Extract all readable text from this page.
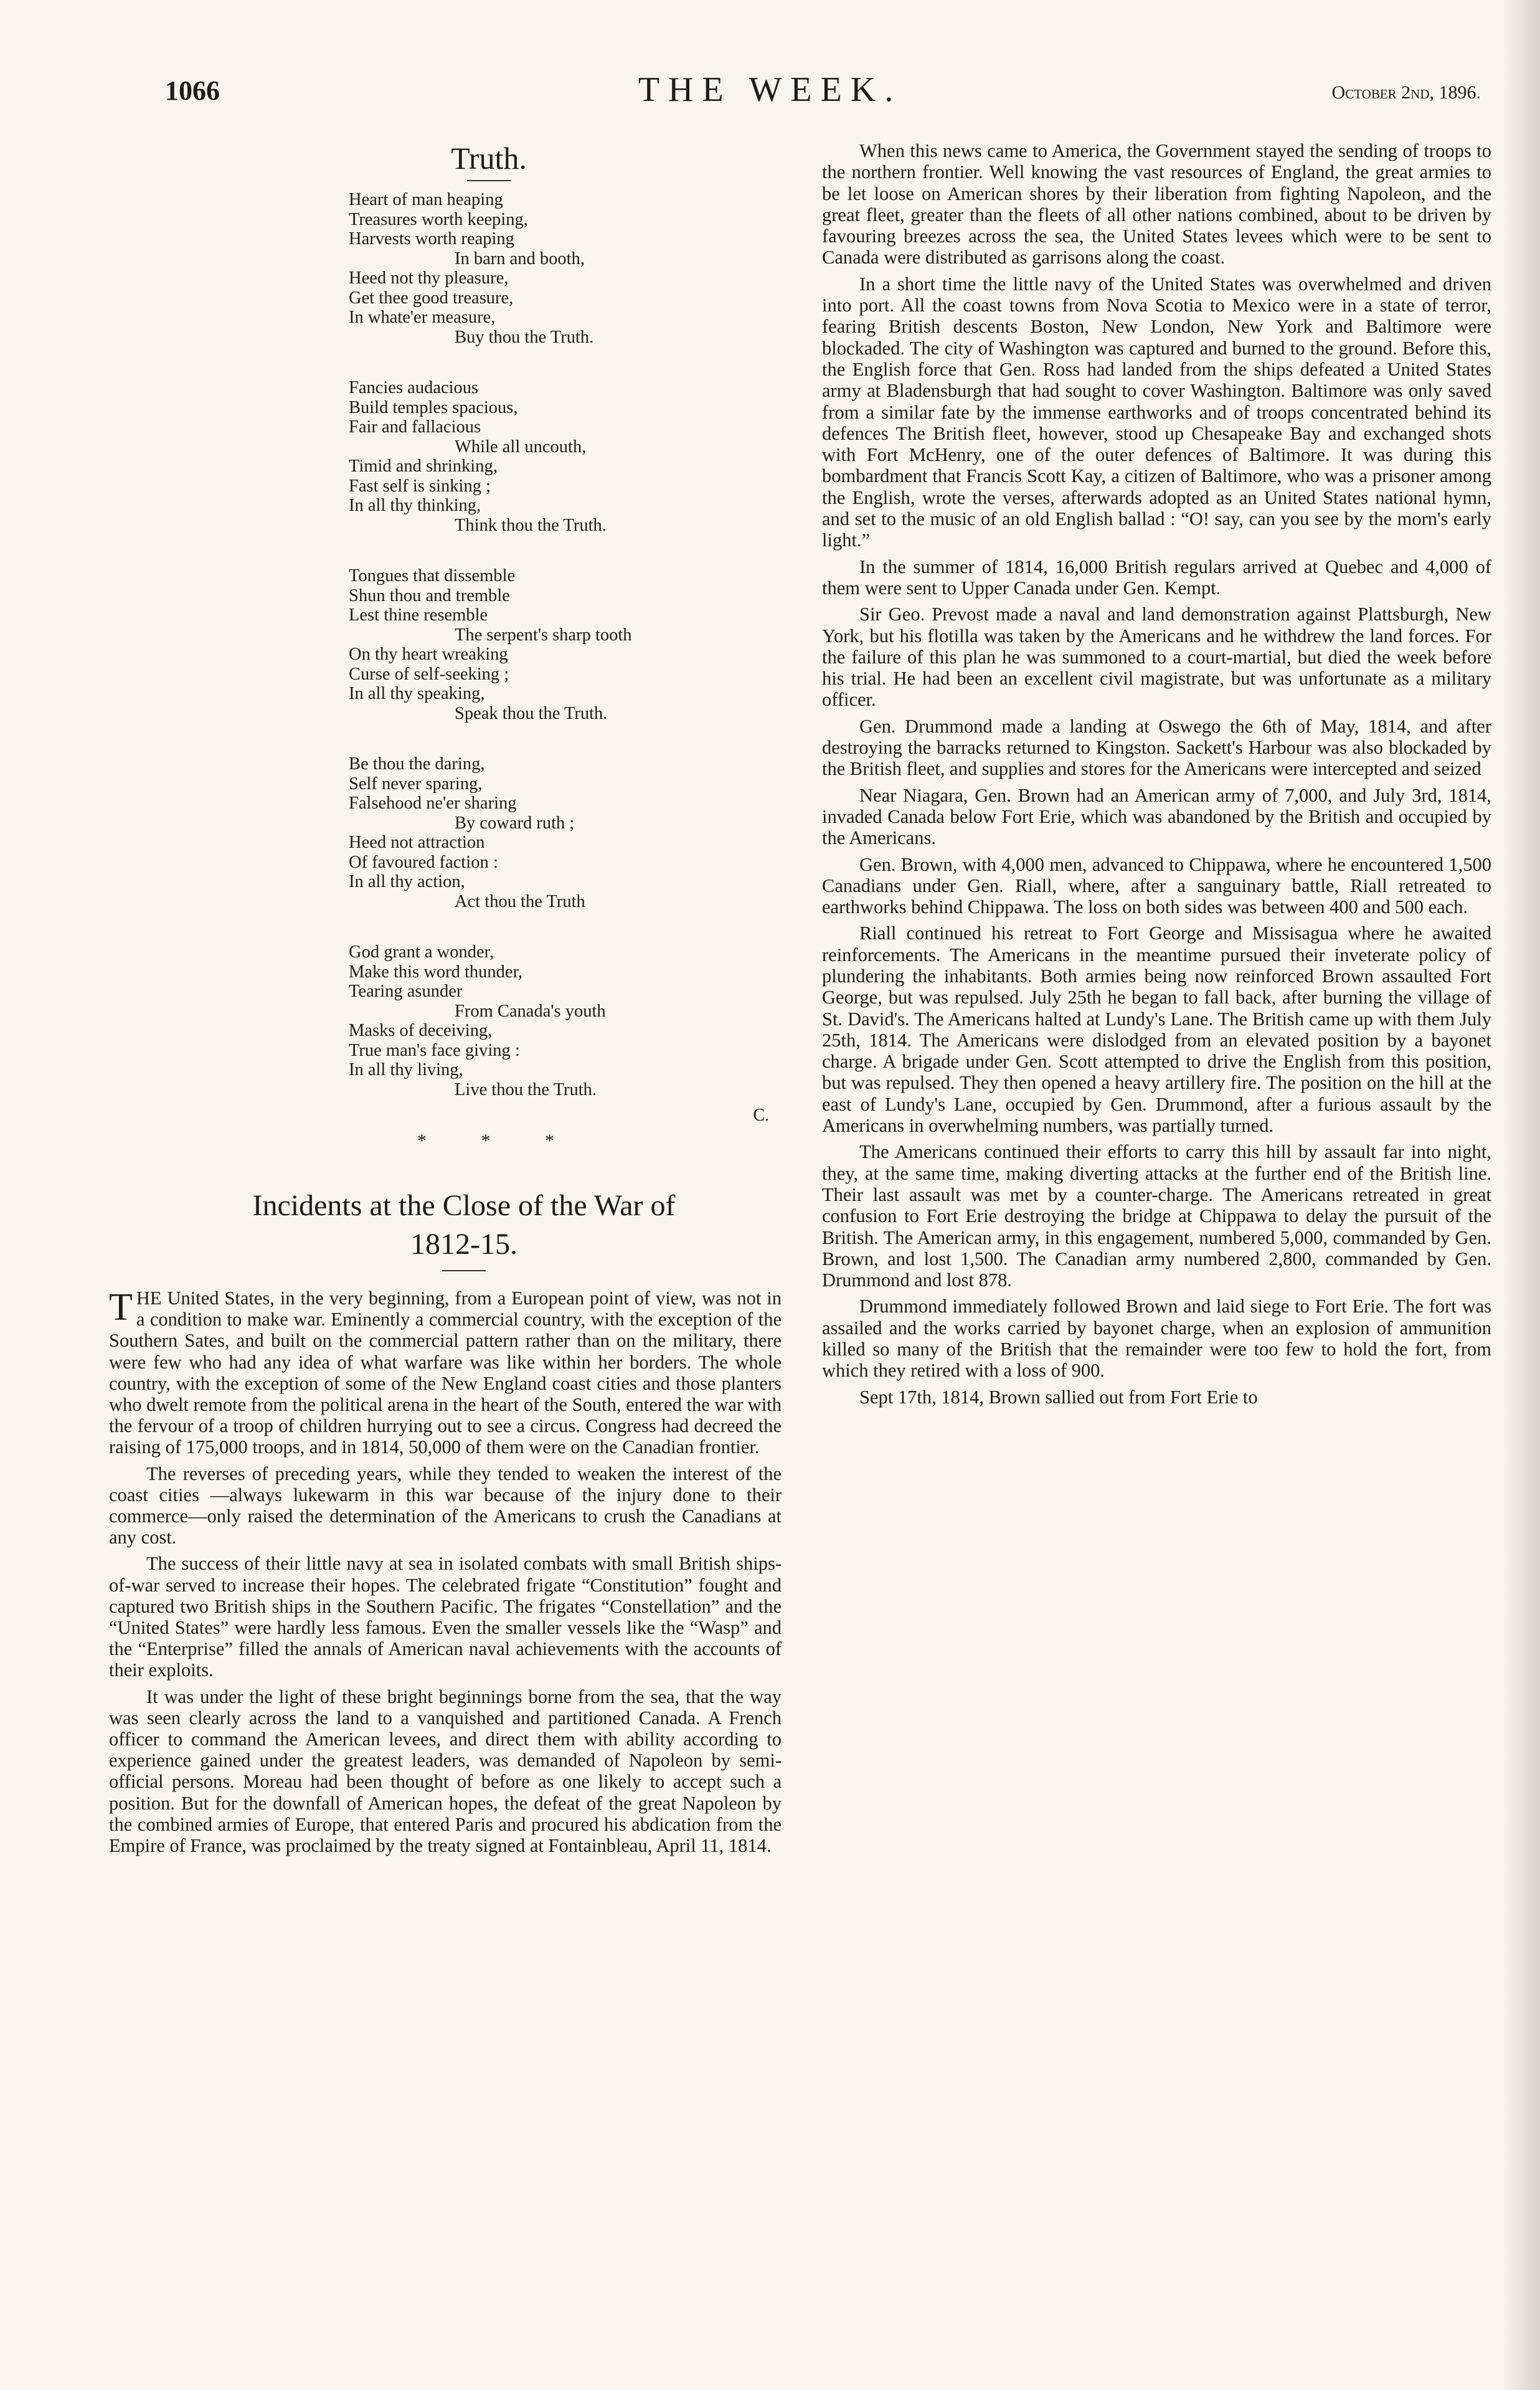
1066	THE WEEK.	October 2nd, 1896.
Truth.
Heart of man heaping
Treasures worth keeping,
Harvests worth reaping
In barn and booth,
Heed not thy pleasure,
Get thee good treasure,
In whate'er measure,
Buy thou the Truth.
Fancies audacious
Build temples spacious,
Fair and fallacious
While all uncouth,
Timid and shrinking,
Fast self is sinking ;
In all thy thinking,
Think thou the Truth.
Tongues that dissemble
Shun thou and tremble
Lest thine resemble
The serpent's sharp tooth
On thy heart wreaking
Curse of self-seeking ;
In all thy speaking,
Speak thou the Truth.
Be thou the daring,
Self never sparing,
Falsehood ne'er sharing
By coward ruth ;
Heed not attraction
Of favoured faction :
In all thy action,
Act thou the Truth
God grant a wonder,
Make this word thunder,
Tearing asunder
From Canada's youth
Masks of deceiving,
True man's face giving :
In all thy living,
Live thou the Truth.
C.
* * *
Incidents at the Close of the War of
1812-15.

THE United States, in the very beginning, from a European point of view, was not in a condition to make war. Eminently a commercial country, with the exception of the Southern Sates, and built on the commercial pattern rather than on the military, there were few who had any idea of what warfare was like within her borders. The whole country, with the exception of some of the New England coast cities and those planters who dwelt remote from the political arena in the heart of the South, entered the war with the fervour of a troop of children hurrying out to see a circus. Congress had decreed the raising of 175,000 troops, and in 1814, 50,000 of them were on the Canadian frontier.

The reverses of preceding years, while they tended to weaken the interest of the coast cities —always lukewarm in this war because of the injury done to their commerce—only raised the determination of the Americans to crush the Canadians at any cost.

The success of their little navy at sea in isolated combats with small British ships-of-war served to increase their hopes. The celebrated frigate “Constitution” fought and captured two British ships in the Southern Pacific. The frigates “Constellation” and the “United States” were hardly less famous. Even the smaller vessels like the “Wasp” and the “Enterprise” filled the annals of American naval achievements with the accounts of their exploits.

It was under the light of these bright beginnings borne from the sea, that the way was seen clearly across the land to a vanquished and partitioned Canada. A French officer to command the American levees, and direct them with ability according to experience gained under the greatest leaders, was demanded of Napoleon by semi-official persons. Moreau had been thought of before as one likely to accept such a position. But for the downfall of American hopes, the defeat of the great Napoleon by the combined armies of Europe, that entered Paris and procured his abdication from the Empire of France, was proclaimed by the treaty signed at Fontainbleau, April 11, 1814.

When this news came to America, the Government stayed the sending of troops to the northern frontier. Well knowing the vast resources of England, the great armies to be let loose on American shores by their liberation from fighting Napoleon, and the great fleet, greater than the fleets of all other nations combined, about to be driven by favouring breezes across the sea, the United States levees which were to be sent to Canada were distributed as garrisons along the coast.

In a short time the little navy of the United States was overwhelmed and driven into port. All the coast towns from Nova Scotia to Mexico were in a state of terror, fearing British descents Boston, New London, New York and Baltimore were blockaded. The city of Washington was captured and burned to the ground. Before this, the English force that Gen. Ross had landed from the ships defeated a United States army at Bladensburgh that had sought to cover Washington. Baltimore was only saved from a similar fate by the immense earthworks and of troops concentrated behind its defences The British fleet, however, stood up Chesapeake Bay and exchanged shots with Fort McHenry, one of the outer defences of Baltimore. It was during this bombardment that Francis Scott Kay, a citizen of Baltimore, who was a prisoner among the English, wrote the verses, afterwards adopted as an United States national hymn, and set to the music of an old English ballad : “O! say, can you see by the morn's early light.”

In the summer of 1814, 16,000 British regulars arrived at Quebec and 4,000 of them were sent to Upper Canada under Gen. Kempt.

Sir Geo. Prevost made a naval and land demonstration against Plattsburgh, New York, but his flotilla was taken by the Americans and he withdrew the land forces. For the failure of this plan he was summoned to a court-martial, but died the week before his trial. He had been an excellent civil magistrate, but was unfortunate as a military officer.

Gen. Drummond made a landing at Oswego the 6th of May, 1814, and after destroying the barracks returned to Kingston. Sackett's Harbour was also blockaded by the British fleet, and supplies and stores for the Americans were intercepted and seized

Near Niagara, Gen. Brown had an American army of 7,000, and July 3rd, 1814, invaded Canada below Fort Erie, which was abandoned by the British and occupied by the Americans.

Gen. Brown, with 4,000 men, advanced to Chippawa, where he encountered 1,500 Canadians under Gen. Riall, where, after a sanguinary battle, Riall retreated to earthworks behind Chippawa. The loss on both sides was between 400 and 500 each.

Riall continued his retreat to Fort George and Missisagua where he awaited reinforcements. The Americans in the meantime pursued their inveterate policy of plundering the inhabitants. Both armies being now reinforced Brown assaulted Fort George, but was repulsed. July 25th he began to fall back, after burning the village of St. David's. The Americans halted at Lundy's Lane. The British came up with them July 25th, 1814. The Americans were dislodged from an elevated position by a bayonet charge. A brigade under Gen. Scott attempted to drive the English from this position, but was repulsed. They then opened a heavy artillery fire. The position on the hill at the east of Lundy's Lane, occupied by Gen. Drummond, after a furious assault by the Americans in overwhelming numbers, was partially turned.

The Americans continued their efforts to carry this hill by assault far into night, they, at the same time, making diverting attacks at the further end of the British line. Their last assault was met by a counter-charge. The Americans retreated in great confusion to Fort Erie destroying the bridge at Chippawa to delay the pursuit of the British. The American army, in this engagement, numbered 5,000, commanded by Gen. Brown, and lost 1,500. The Canadian army numbered 2,800, commanded by Gen. Drummond and lost 878.

Drummond immediately followed Brown and laid siege to Fort Erie. The fort was assailed and the works carried by bayonet charge, when an explosion of ammunition killed so many of the British that the remainder were too few to hold the fort, from which they retired with a loss of 900.

Sept 17th, 1814, Brown sallied out from Fort Erie to
